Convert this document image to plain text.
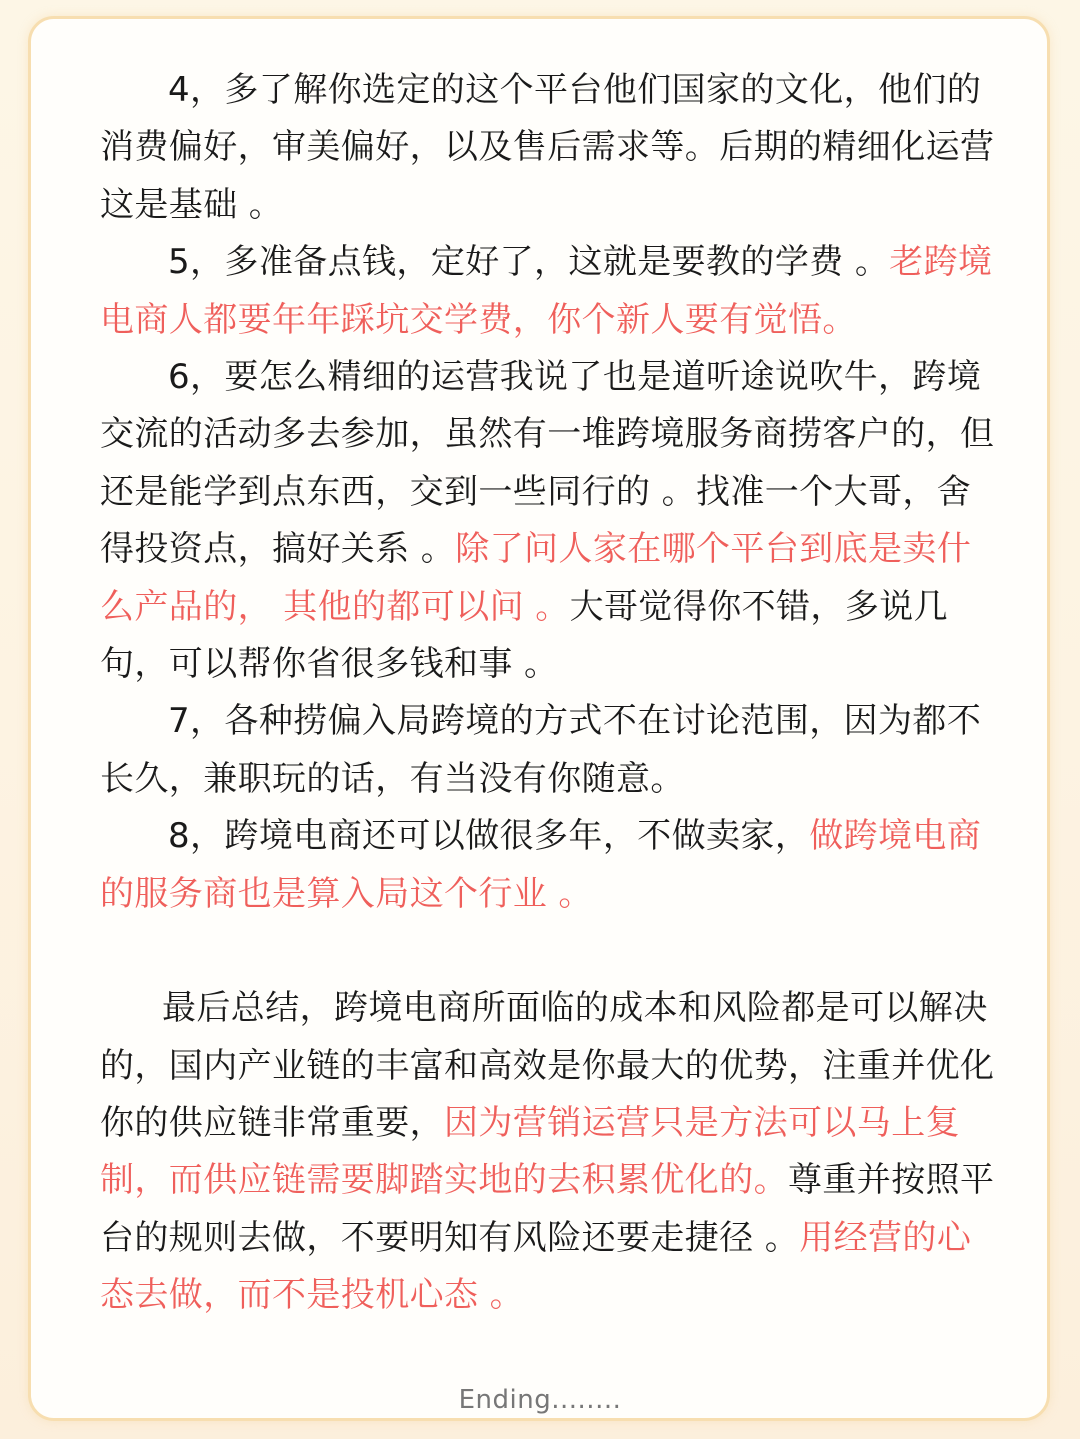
4，多了解你选定的这个平台他们国家的文化，他们的消费偏好，审美偏好，以及售后需求等。后期的精细化运营这是基础 。

5，多准备点钱，定好了，这就是要教的学费 。老跨境电商人都要年年踩坑交学费，你个新人要有觉悟。

6，要怎么精细的运营我说了也是道听途说吹牛，跨境交流的活动多去参加，虽然有一堆跨境服务商捞客户的，但还是能学到点东西，交到一些同行的 。找准一个大哥，舍得投资点，搞好关系 。除了问人家在哪个平台到底是卖什么产品的， 其他的都可以问 。大哥觉得你不错，多说几句，可以帮你省很多钱和事 。

7，各种捞偏入局跨境的方式不在讨论范围，因为都不长久，兼职玩的话，有当没有你随意。

8，跨境电商还可以做很多年，不做卖家，做跨境电商的服务商也是算入局这个行业 。

最后总结，跨境电商所面临的成本和风险都是可以解决的，国内产业链的丰富和高效是你最大的优势，注重并优化你的供应链非常重要，因为营销运营只是方法可以马上复制，而供应链需要脚踏实地的去积累优化的。尊重并按照平台的规则去做，不要明知有风险还要走捷径 。用经营的心态去做，而不是投机心态 。

Ending........
